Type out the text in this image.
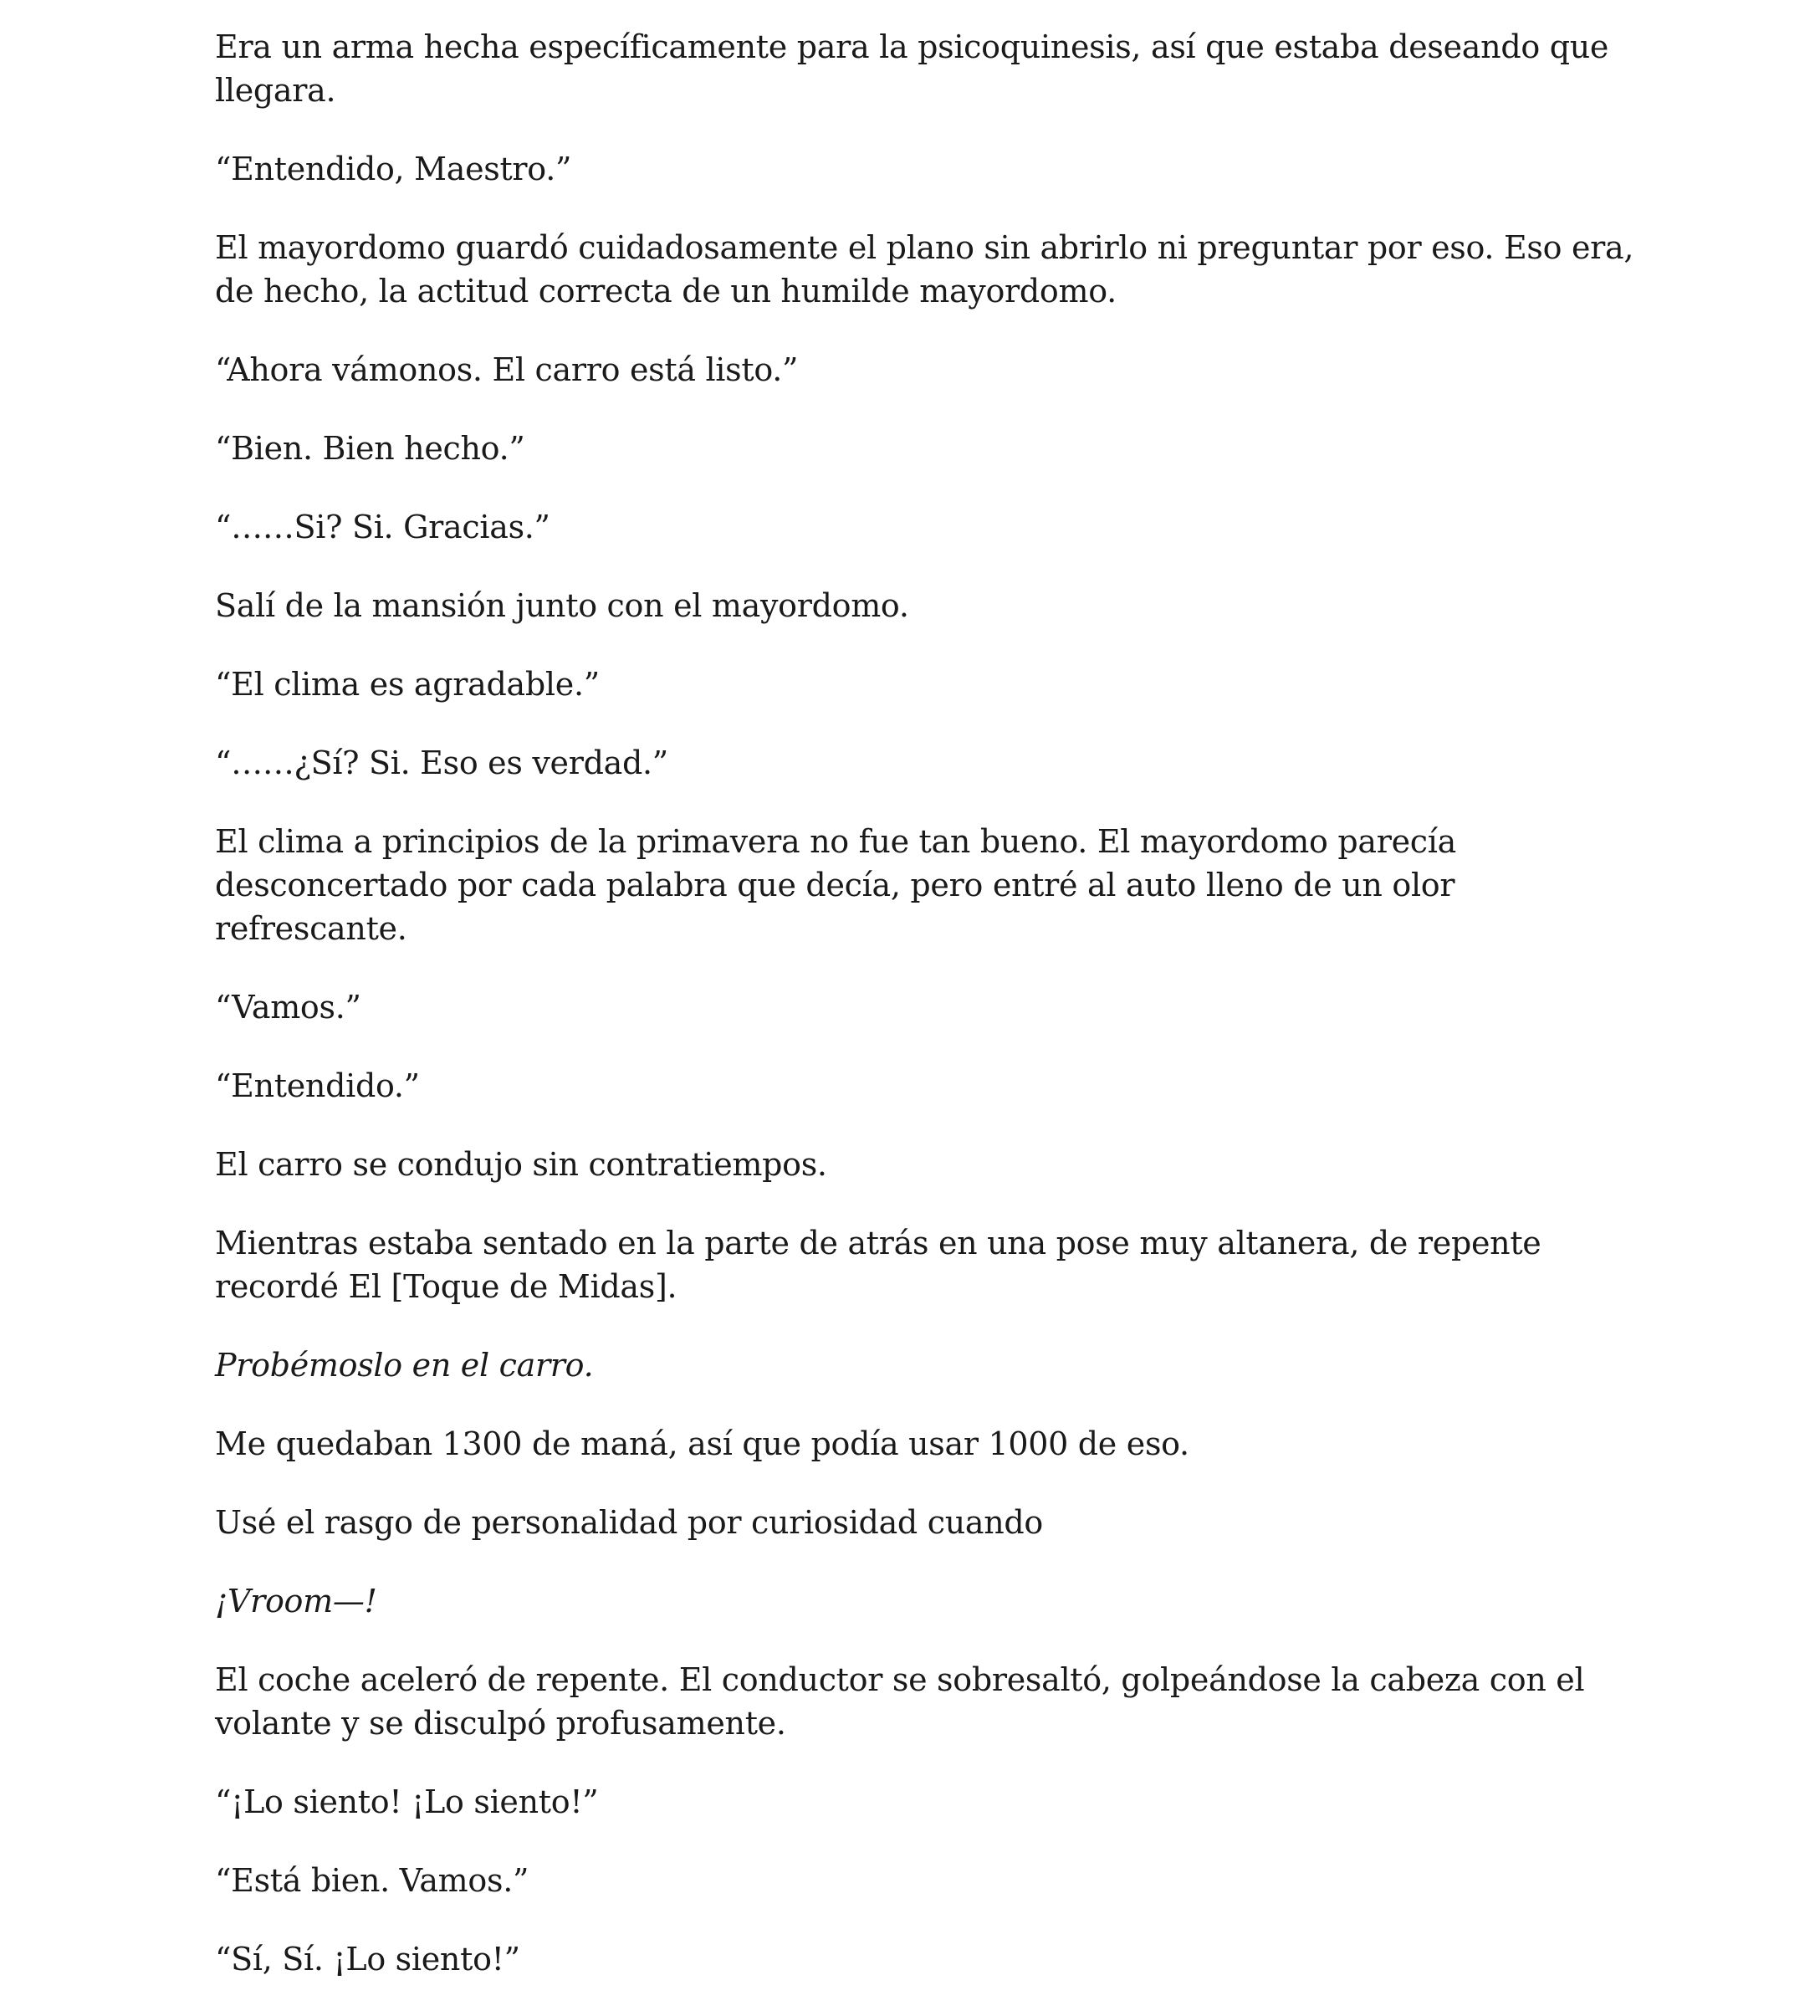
Era un arma hecha específicamente para la psicoquinesis, así que estaba deseando que llegara.

“Entendido, Maestro.”

El mayordomo guardó cuidadosamente el plano sin abrirlo ni preguntar por eso. Eso era, de hecho, la actitud correcta de un humilde mayordomo.

“Ahora vámonos. El carro está listo.”

“Bien. Bien hecho.”

“……Si? Si. Gracias.”

Salí de la mansión junto con el mayordomo.

“El clima es agradable.”

“……¿Sí? Si. Eso es verdad.”

El clima a principios de la primavera no fue tan bueno. El mayordomo parecía desconcertado por cada palabra que decía, pero entré al auto lleno de un olor refrescante.

“Vamos.”

“Entendido.”

El carro se condujo sin contratiempos.

Mientras estaba sentado en la parte de atrás en una pose muy altanera, de repente recordé El [Toque de Midas].

Probémoslo en el carro.

Me quedaban 1300 de maná, así que podía usar 1000 de eso.

Usé el rasgo de personalidad por curiosidad cuando

¡Vroom—!

El coche aceleró de repente. El conductor se sobresaltó, golpeándose la cabeza con el volante y se disculpó profusamente.

“¡Lo siento! ¡Lo siento!”

“Está bien. Vamos.”

“Sí, Sí. ¡Lo siento!”
